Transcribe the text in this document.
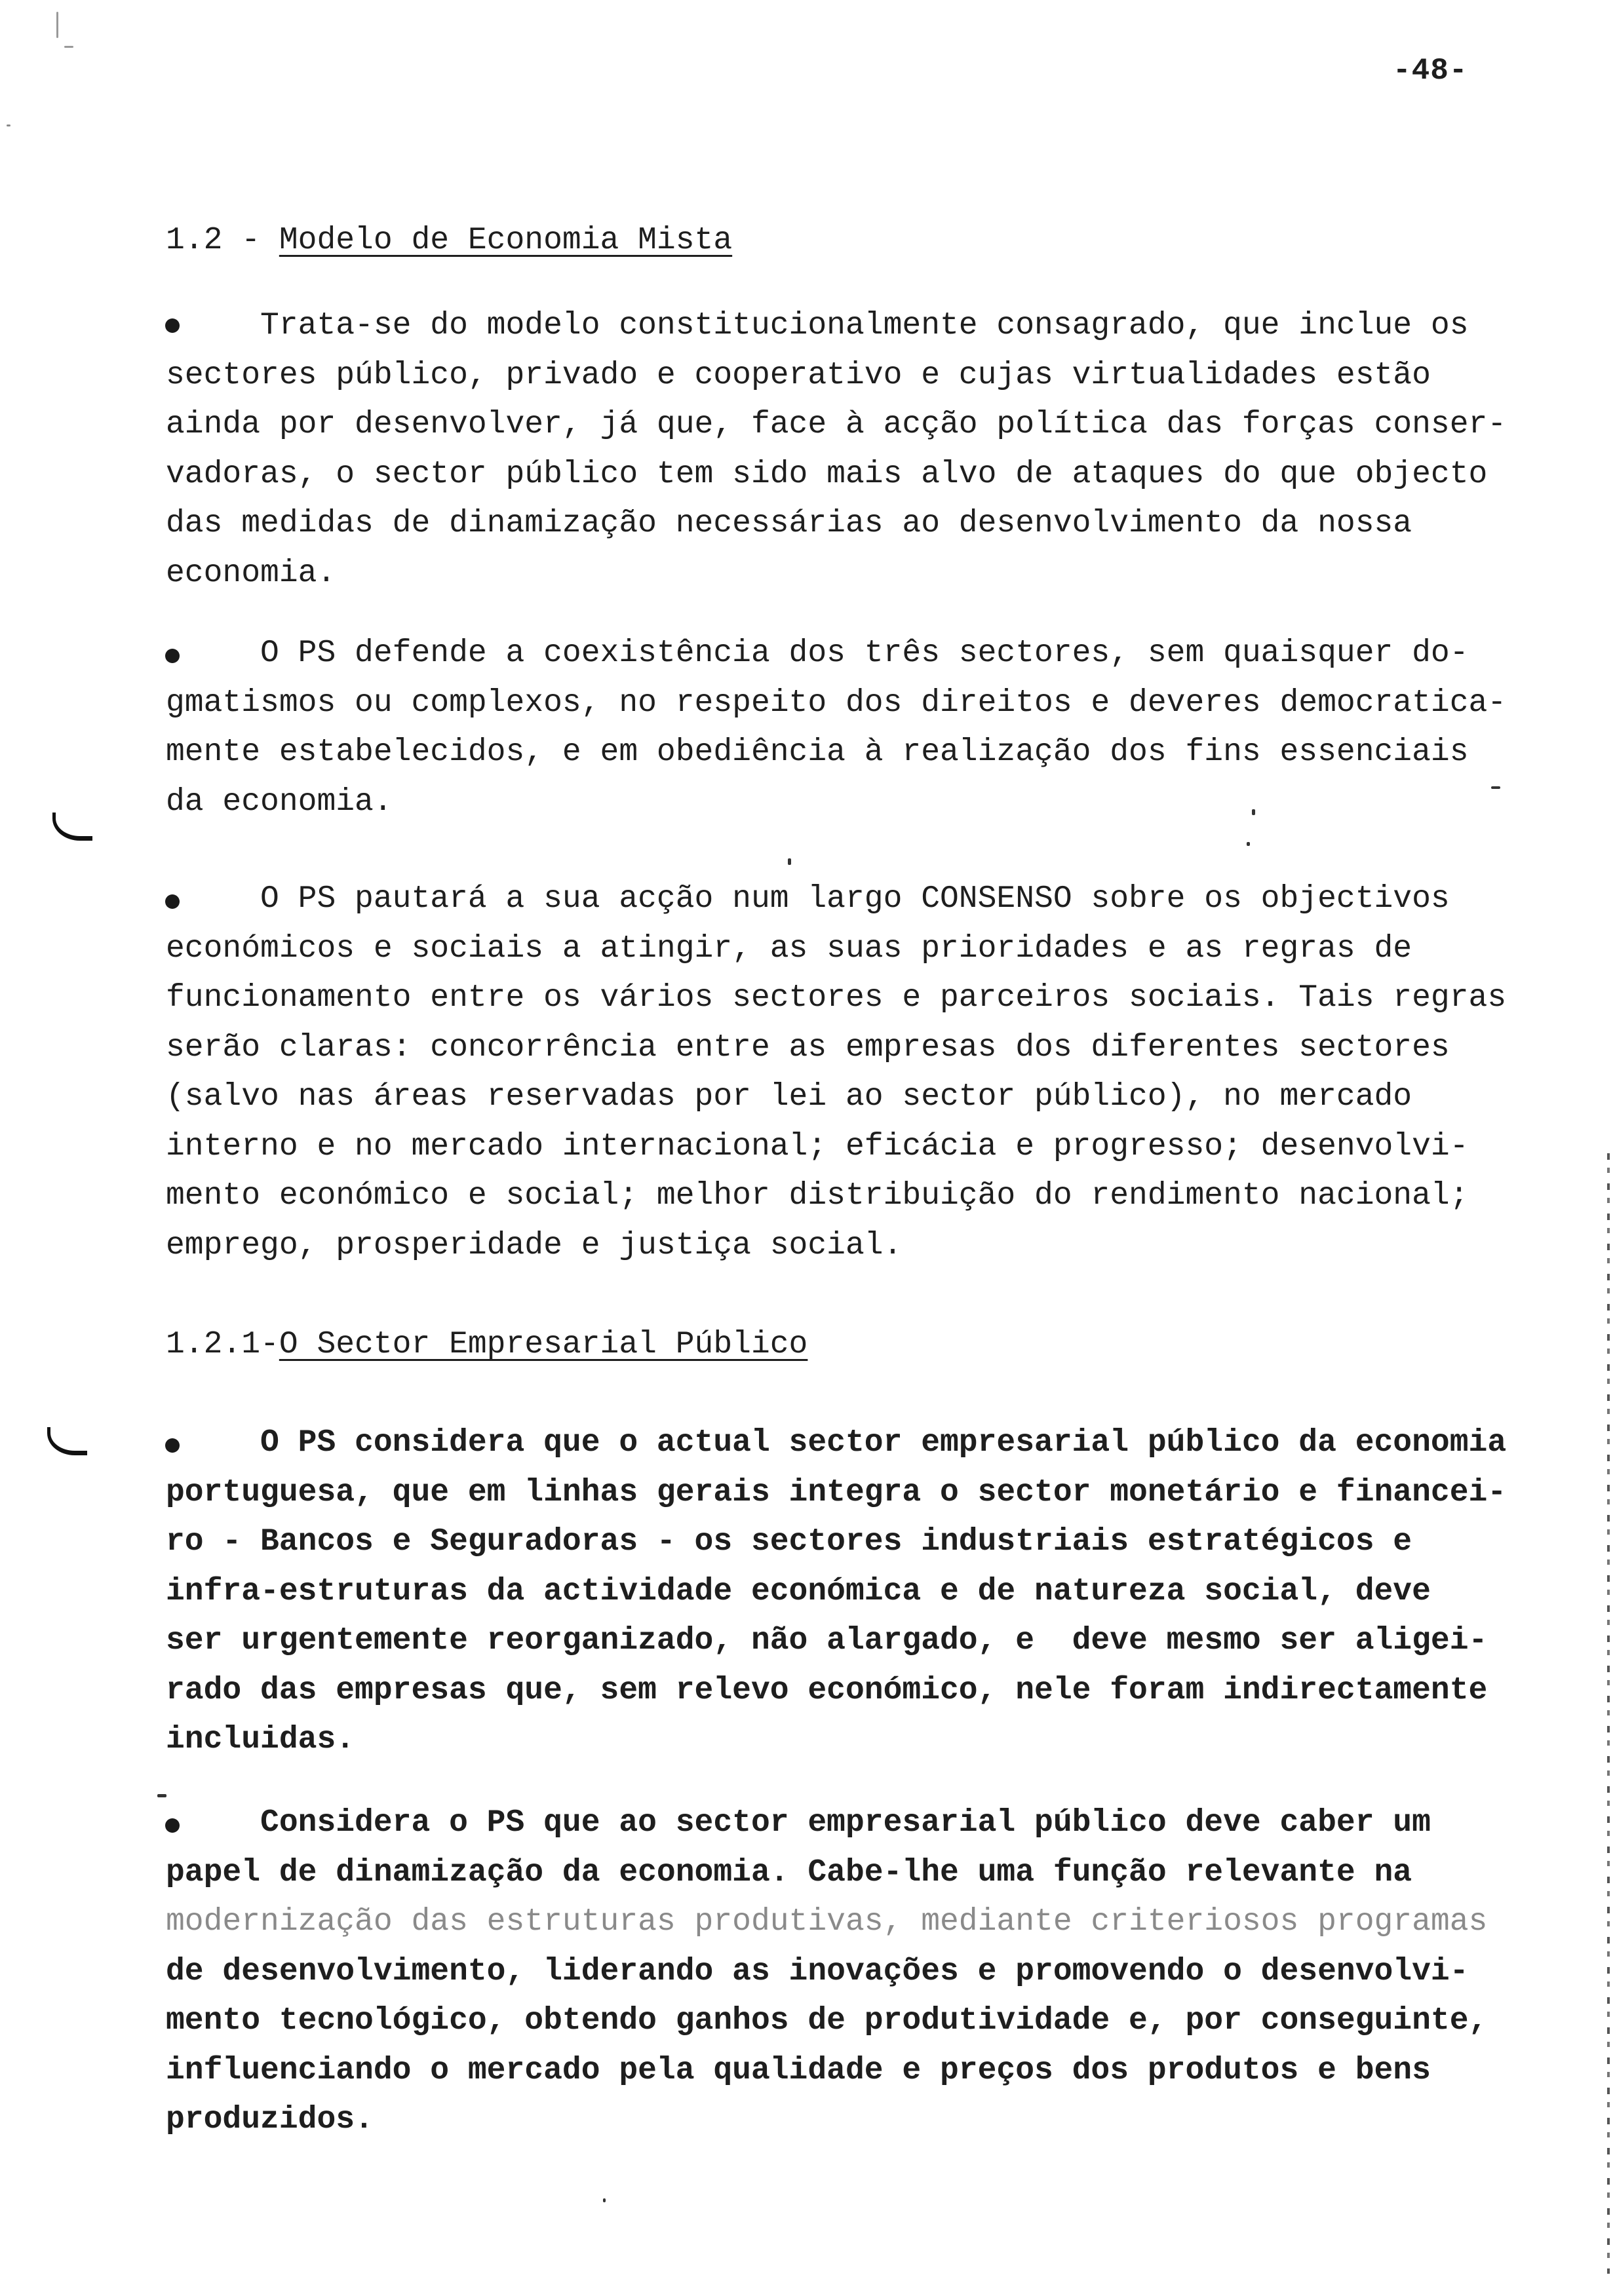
-48-
1.2 - Modelo de Economia Mista
Trata-se do modelo constitucionalmente consagrado, que inclue os
sectores público, privado e cooperativo e cujas virtualidades estão
ainda por desenvolver, já que, face à acção política das forças conser-
vadoras, o sector público tem sido mais alvo de ataques do que objecto
das medidas de dinamização necessárias ao desenvolvimento da nossa
economia.
O PS defende a coexistência dos três sectores, sem quaisquer do-
gmatismos ou complexos, no respeito dos direitos e deveres democratica-
mente estabelecidos, e em obediência à realização dos fins essenciais
da economia.
O PS pautará a sua acção num largo CONSENSO sobre os objectivos
económicos e sociais a atingir, as suas prioridades e as regras de
funcionamento entre os vários sectores e parceiros sociais. Tais regras
serão claras: concorrência entre as empresas dos diferentes sectores
(salvo nas áreas reservadas por lei ao sector público), no mercado
interno e no mercado internacional; eficácia e progresso; desenvolvi-
mento económico e social; melhor distribuição do rendimento nacional;
emprego, prosperidade e justiça social.
1.2.1-O Sector Empresarial Público
O PS considera que o actual sector empresarial público da economia
portuguesa, que em linhas gerais integra o sector monetário e financei-
ro - Bancos e Seguradoras - os sectores industriais estratégicos e
infra-estruturas da actividade económica e de natureza social, deve
ser urgentemente reorganizado, não alargado, e  deve mesmo ser aligei-
rado das empresas que, sem relevo económico, nele foram indirectamente
incluidas.
Considera o PS que ao sector empresarial público deve caber um
papel de dinamização da economia. Cabe-lhe uma função relevante na
modernização das estruturas produtivas, mediante criteriosos programas
de desenvolvimento, liderando as inovações e promovendo o desenvolvi-
mento tecnológico, obtendo ganhos de produtividade e, por conseguinte,
influenciando o mercado pela qualidade e preços dos produtos e bens
produzidos.
